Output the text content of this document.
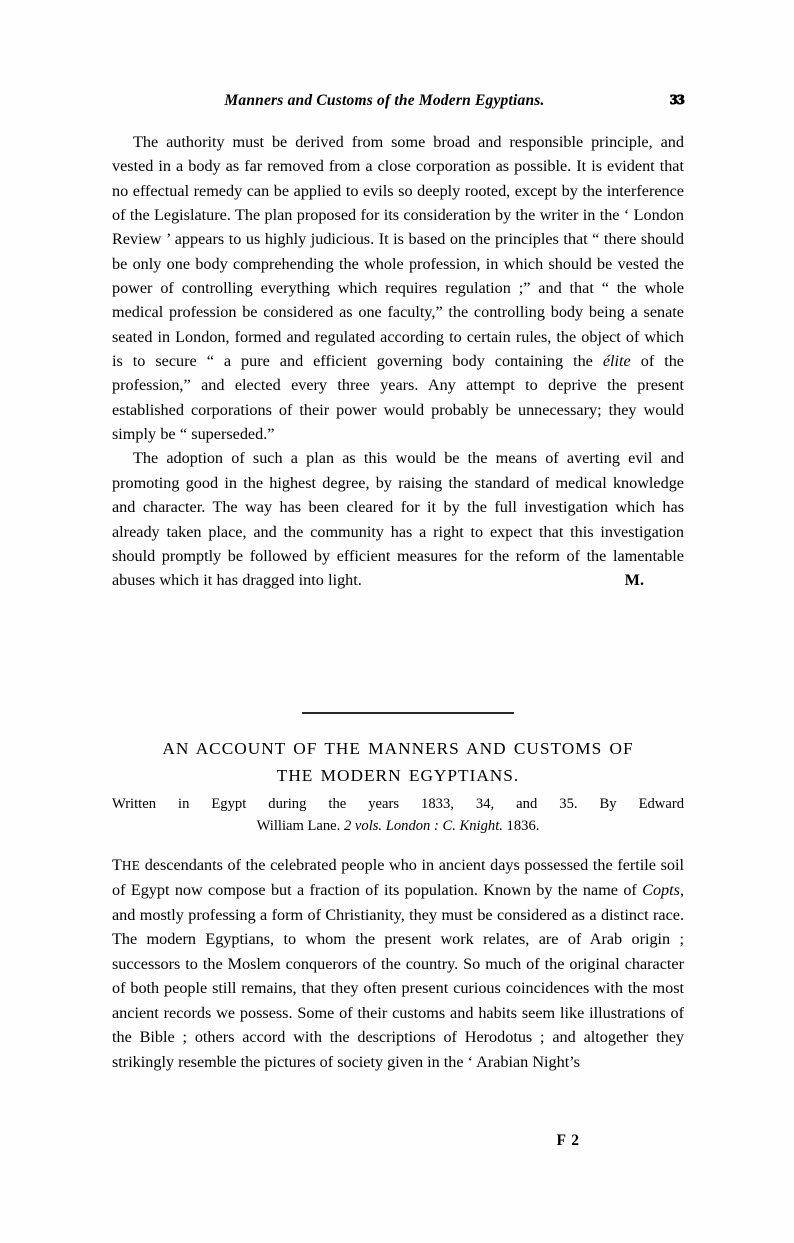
Manners and Customs of the Modern Egyptians.	33

The authority must be derived from some broad and responsible principle, and vested in a body as far removed from a close corporation as possible. It is evident that no effectual remedy can be applied to evils so deeply rooted, except by the interference of the Legislature. The plan proposed for its consideration by the writer in the ‘ London Review ’ appears to us highly judicious. It is based on the principles that “ there should be only one body comprehending the whole profession, in which should be vested the power of controlling everything which requires regulation ;” and that “ the whole medical profession be considered as one faculty,” the controlling body being a senate seated in London, formed and regulated according to certain rules, the object of which is to secure “ a pure and efficient governing body containing the élite of the profession,” and elected every three years. Any attempt to deprive the present established corporations of their power would probably be unnecessary; they would simply be “ superseded.”

The adoption of such a plan as this would be the means of averting evil and promoting good in the highest degree, by raising the standard of medical knowledge and character. The way has been cleared for it by the full investigation which has already taken place, and the community has a right to expect that this investigation should promptly be followed by efficient measures for the reform of the lamentable abuses which it has dragged into light.	M.

AN ACCOUNT OF THE MANNERS AND CUSTOMS OF
THE MODERN EGYPTIANS.
Written in Egypt during the years 1833, 34, and 35. By Edward
William Lane. 2 vols. London : C. Knight. 1836.

THE descendants of the celebrated people who in ancient days possessed the fertile soil of Egypt now compose but a fraction of its population. Known by the name of Copts, and mostly professing a form of Christianity, they must be considered as a distinct race. The modern Egyptians, to whom the present work relates, are of Arab origin ; successors to the Moslem conquerors of the country. So much of the original character of both people still remains, that they often present curious coincidences with the most ancient records we possess. Some of their customs and habits seem like illustrations of the Bible ; others accord with the descriptions of Herodotus ; and altogether they strikingly resemble the pictures of society given in the ‘ Arabian Night’s

F 2
